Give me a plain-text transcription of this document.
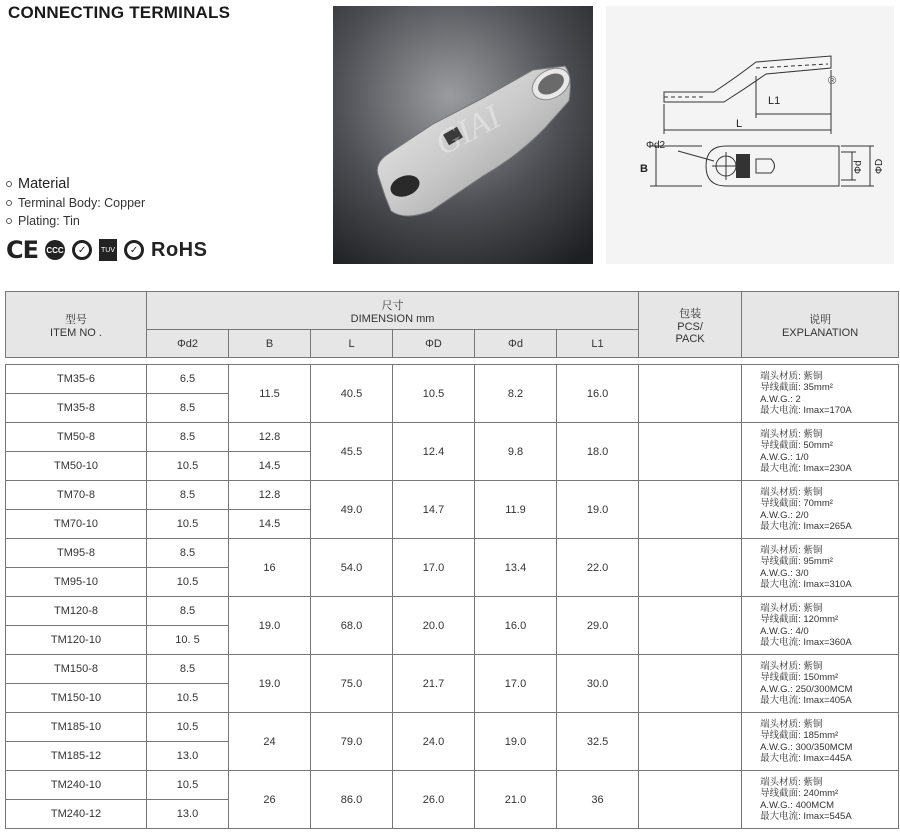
CONNECTING TERMINALS
Material
Terminal Body: Copper
Plating: Tin
CE CCC	✓	TUV	✓ RoHS
GIAI	L1
L
Φd2
B	Φd ΦD
®
型号
ITEM NO .	尺寸
DIMENSION mm						包装
PCS/
PACK	说明
EXPLANATION

	Φd2	B	L	ΦD	Φd	L1		

TM35-6	6.5	11.5	40.5	10.5	8.2	16.0		端头材质: 紫铜
导线截面: 35mm²
A.W.G.: 2
最大电流: Imax=170A

TM35-8	8.5							
TM50-8	8.5	12.8	45.5	12.4	9.8	18.0		端头材质: 紫铜
导线截面: 50mm²
A.W.G.: 1/0
最大电流: Imax=230A

TM50-10	10.5	14.5						
TM70-8	8.5	12.8	49.0	14.7	11.9	19.0		端头材质: 紫铜
导线截面: 70mm²
A.W.G.: 2/0
最大电流: Imax=265A

TM70-10	10.5	14.5						
TM95-8	8.5	16	54.0	17.0	13.4	22.0		端头材质: 紫铜
导线截面: 95mm²
A.W.G.: 3/0
最大电流: Imax=310A

TM95-10	10.5							
TM120-8	8.5	19.0	68.0	20.0	16.0	29.0		端头材质: 紫铜
导线截面: 120mm²
A.W.G.: 4/0
最大电流: Imax=360A

TM120-10	10. 5							
TM150-8	8.5	19.0	75.0	21.7	17.0	30.0		端头材质: 紫铜
导线截面: 150mm²
A.W.G.: 250/300MCM
最大电流: Imax=405A

TM150-10	10.5							
TM185-10	10.5	24	79.0	24.0	19.0	32.5		端头材质: 紫铜
导线截面: 185mm²
A.W.G.: 300/350MCM
最大电流: Imax=445A

TM185-12	13.0							
TM240-10	10.5	26	86.0	26.0	21.0	36		端头材质: 紫铜
导线截面: 240mm²
A.W.G.: 400MCM
最大电流: Imax=545A

TM240-12	13.0							
